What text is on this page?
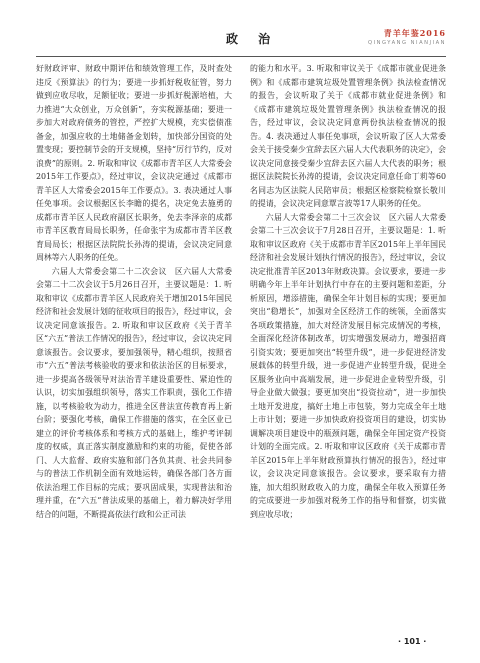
政 治	青羊年鉴2016
QINGYANG NIANJIAN

好财政评审、财政中期评估和绩效管理工作，及时查处违反《预算法》的行为；要进一步抓好税收征管，努力做到应收尽收，足额征收；要进一步抓好税源培植，大力推进“大众创业，万众创新”，夯实税源基础；要进一步加大对政府债务的管控，严控扩大规模，充实偿债准备金，加强应收的土地储备金划转，加快部分国资的处置变现；要控制节会的开支规模，坚持“厉行节约，反对浪费”的原则。2. 听取和审议《成都市青羊区人大常委会2015年工作要点》，经过审议，会议决定通过《成都市青羊区人大常委会2015年工作要点》。3. 表决通过人事任免事项。会议根据区长李瞻的提名，决定免去施勇的成都市青羊区人民政府副区长职务，免去李泽亲的成都市青羊区教育局局长职务，任命张宇为成都市青羊区教育局局长；根据区法院院长孙涛的提请，会议决定同意周林等六人职务的任免。

六届人大常委会第二十二次会议　区六届人大常委会第二十二次会议于5月26日召开，主要议题是：1. 听取和审议《成都市青羊区人民政府关于增加2015年国民经济和社会发展计划的征收项目的报告》，经过审议，会议决定同意该报告。2. 听取和审议区政府《关于青羊区“六五”普法工作情况的报告》，经过审议，会议决定同意该报告。会议要求，要加强领导，精心组织，按照省市“六五”普法考核验收的要求和依法治区的目标要求，进一步提高各级领导对法治青羊建设重要性、紧迫性的认识，切实加强组织领导，落实工作职责，强化工作措施，以考核验收为动力，推进全区普法宣传教育再上新台阶；要强化考核，确保工作措施的落实，在全区业已建立的评价考核体系和考核方式的基础上，维护考评制度的权威，真正落实制度激励和约束的功能，促使各部门、人大监督、政府实施和部门各负其责、社会共同参与的普法工作机制全面有效地运转，确保各部门各方面依法治理工作目标的完成；要巩固成果，实现普法和治理并重，在“六五”普法成果的基础上，着力解决好学用结合的问题，不断提高依法行政和公正司法

的能力和水平。3. 听取和审议关于《成都市就业促进条例》和《成都市建筑垃圾处置管理条例》执法检查情况的报告，会议听取了关于《成都市就业促进条例》和《成都市建筑垃圾处置管理条例》执法检查情况的报告，经过审议，会议决定同意两份执法检查情况的报告。4. 表决通过人事任免事项，会议听取了区人大常委会关于接受秦少宜辞去区六届人大代表职务的决定》，会议决定同意接受秦少宜辞去区六届人大代表的职务；根据区法院院长孙涛的提请，会议决定同意任命丁莉等60名同志为区法院人民陪审员；根据区检察院检察长敬川的提请，会议决定同意覃言波等17人职务的任免。

六届人大常委会第二十三次会议　区六届人大常委会第二十三次会议于7月28日召开，主要议题是：1. 听取和审议区政府《关于成都市青羊区2015年上半年国民经济和社会发展计划执行情况的报告》，经过审议，会议决定批准青羊区2013年财政决算。会议要求，要进一步明确今年上半年计划执行中存在的主要问题和差距，分析原因，增添措施，确保全年计划目标的实现；要更加突出“稳增长”，加强对全区经济工作的统领，全面落实各项政策措施，加大对经济发展目标完成情况的考核，全面深化经济体制改革，切实增强发展动力，增强招商引资实效；要更加突出“转型升级”，进一步促进经济发展载体的转型升级，进一步促进产业转型升级，促进全区服务业向中高端发展，进一步促进企业转型升级，引导企业做大做强；要更加突出“投资拉动”，进一步加快土地开发进度，搞好土地上市包装，努力完成全年土地上市计划；要进一步加快政府投资项目的建设，切实协调解决项目建设中的瓶颈问题，确保全年国定资产投资计划的全面完成。2. 听取和审议区政府《关于成都市青羊区2015年上半年财政预算执行情况的报告》，经过审议，会议决定同意该报告。会议要求，要采取有力措施，加大组织财政收入的力度，确保全年收入预算任务的完成要进一步加强对税务工作的指导和督察，切实做到应收尽收；

· 101 ·
